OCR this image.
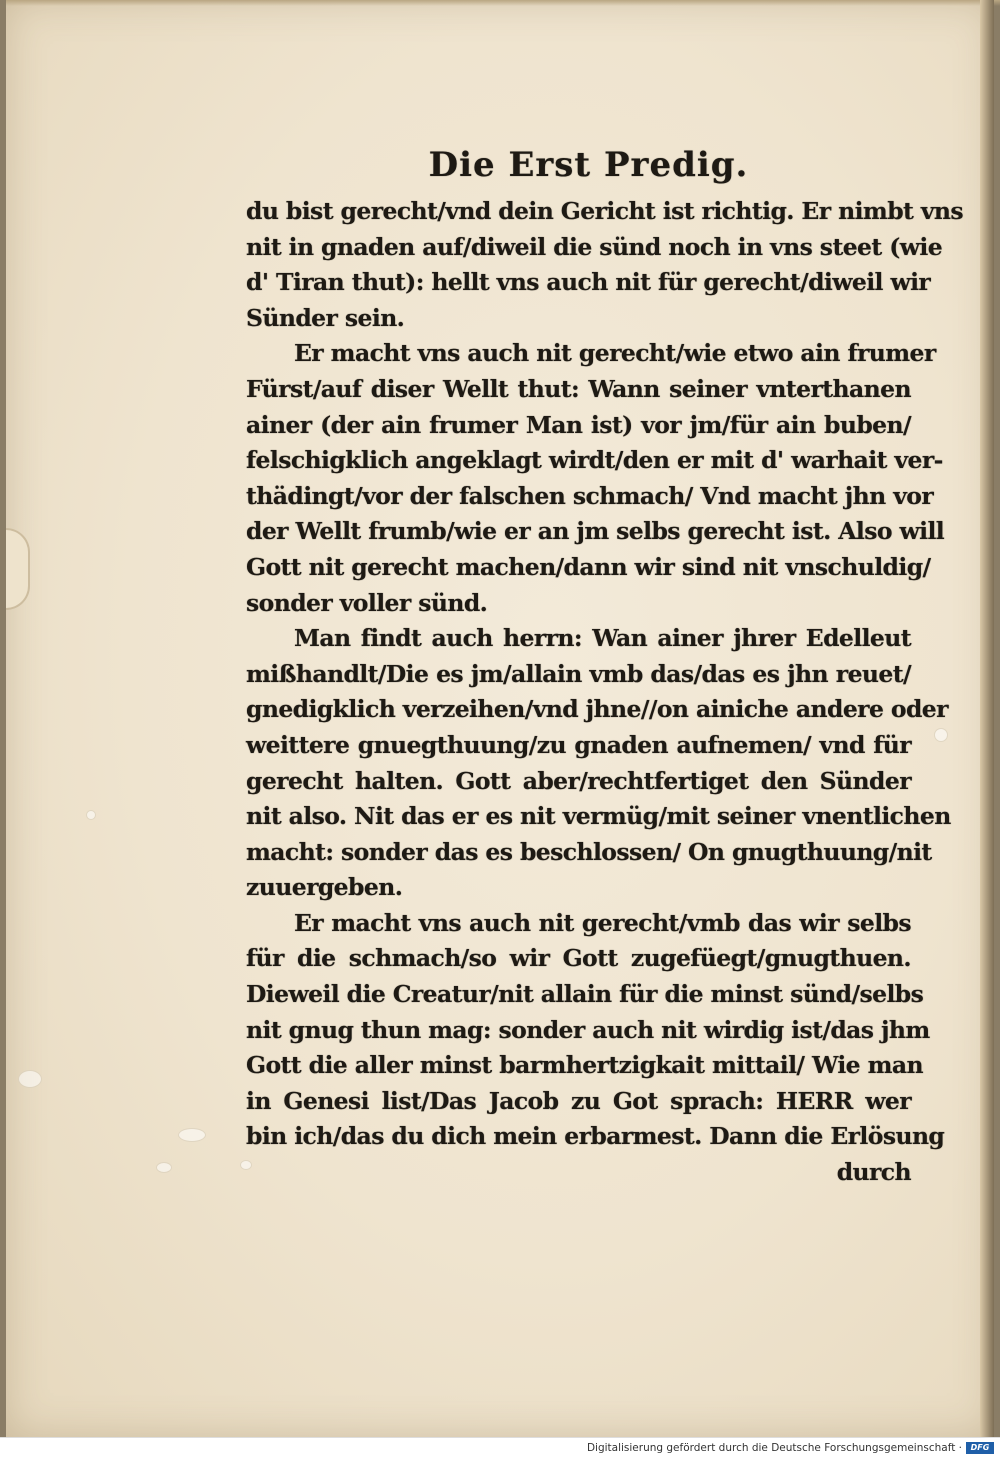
Die Erst Predig.
du bist gerecht/vnd dein Gericht ist richtig. Er nimbt vns
nit in gnaden auf/diweil die sünd noch in vns steet (wie
d' Tiran thut): hellt vns auch nit für gerecht/diweil wir
Sünder sein.
Er macht vns auch nit gerecht/wie etwo ain frumer
Fürst/auf diser Wellt thut: Wann seiner vnterthanen
ainer (der ain frumer Man ist) vor jm/für ain buben/
felschigklich angeklagt wirdt/den er mit d' warhait ver-
thädingt/vor der falschen schmach/ Vnd macht jhn vor
der Wellt frumb/wie er an jm selbs gerecht ist. Also will
Gott nit gerecht machen/dann wir sind nit vnschuldig/
sonder voller sünd.
Man findt auch herrn: Wan ainer jhrer Edelleut
mißhandlt/Die es jm/allain vmb das/das es jhn reuet/
gnedigklich verzeihen/vnd jhne//on ainiche andere oder
weittere gnuegthuung/zu gnaden aufnemen/ vnd für
gerecht halten. Gott aber/rechtfertiget den Sünder
nit also. Nit das er es nit vermüg/mit seiner vnentlichen
macht: sonder das es beschlossen/ On gnugthuung/nit
zuuergeben.
Er macht vns auch nit gerecht/vmb das wir selbs
für die schmach/so wir Gott zugefüegt/gnugthuen.
Dieweil die Creatur/nit allain für die minst sünd/selbs
nit gnug thun mag: sonder auch nit wirdig ist/das jhm
Gott die aller minst barmhertzigkait mittail/ Wie man
in Genesi list/Das Jacob zu Got sprach: HERR wer
bin ich/das du dich mein erbarmest. Dann die Erlösung
durch
Digitalisierung gefördert durch die Deutsche Forschungsgemeinschaft ·	DFG
